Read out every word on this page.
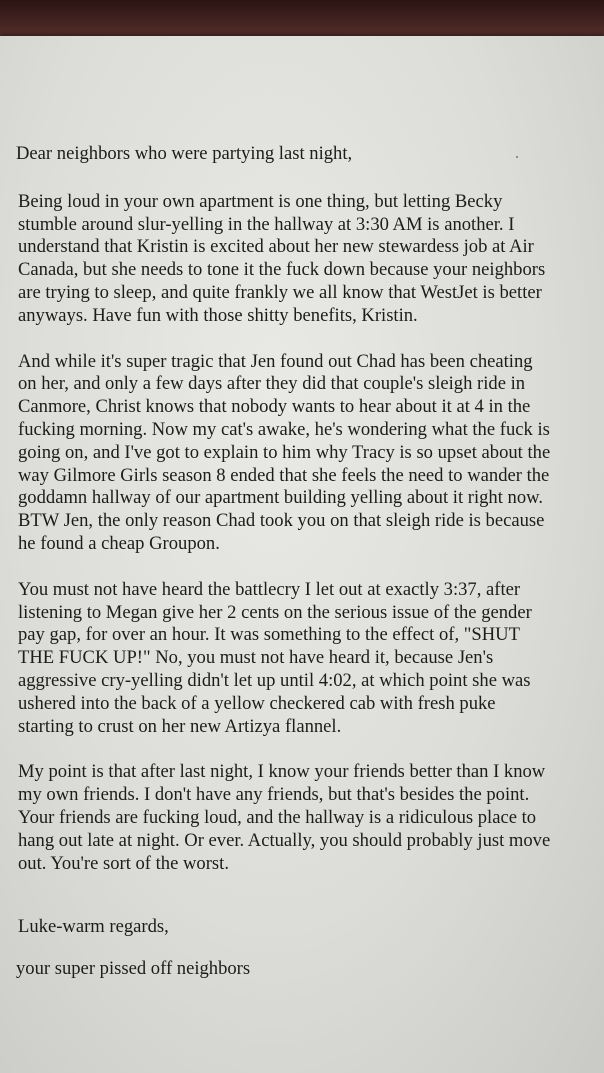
Dear neighbors who were partying last night,
Being loud in your own apartment is one thing, but letting Becky
stumble around slur-yelling in the hallway at 3:30 AM is another. I
understand that Kristin is excited about her new stewardess job at Air
Canada, but she needs to tone it the fuck down because your neighbors
are trying to sleep, and quite frankly we all know that WestJet is better
anyways. Have fun with those shitty benefits, Kristin.
And while it's super tragic that Jen found out Chad has been cheating
on her, and only a few days after they did that couple's sleigh ride in
Canmore, Christ knows that nobody wants to hear about it at 4 in the
fucking morning. Now my cat's awake, he's wondering what the fuck is
going on, and I've got to explain to him why Tracy is so upset about the
way Gilmore Girls season 8 ended that she feels the need to wander the
goddamn hallway of our apartment building yelling about it right now.
BTW Jen, the only reason Chad took you on that sleigh ride is because
he found a cheap Groupon.
You must not have heard the battlecry I let out at exactly 3:37, after
listening to Megan give her 2 cents on the serious issue of the gender
pay gap, for over an hour. It was something to the effect of, "SHUT
THE FUCK UP!" No, you must not have heard it, because Jen's
aggressive cry-yelling didn't let up until 4:02, at which point she was
ushered into the back of a yellow checkered cab with fresh puke
starting to crust on her new Artizya flannel.
My point is that after last night, I know your friends better than I know
my own friends. I don't have any friends, but that's besides the point.
Your friends are fucking loud, and the hallway is a ridiculous place to
hang out late at night. Or ever. Actually, you should probably just move
out. You're sort of the worst.
Luke-warm regards,
your super pissed off neighbors
